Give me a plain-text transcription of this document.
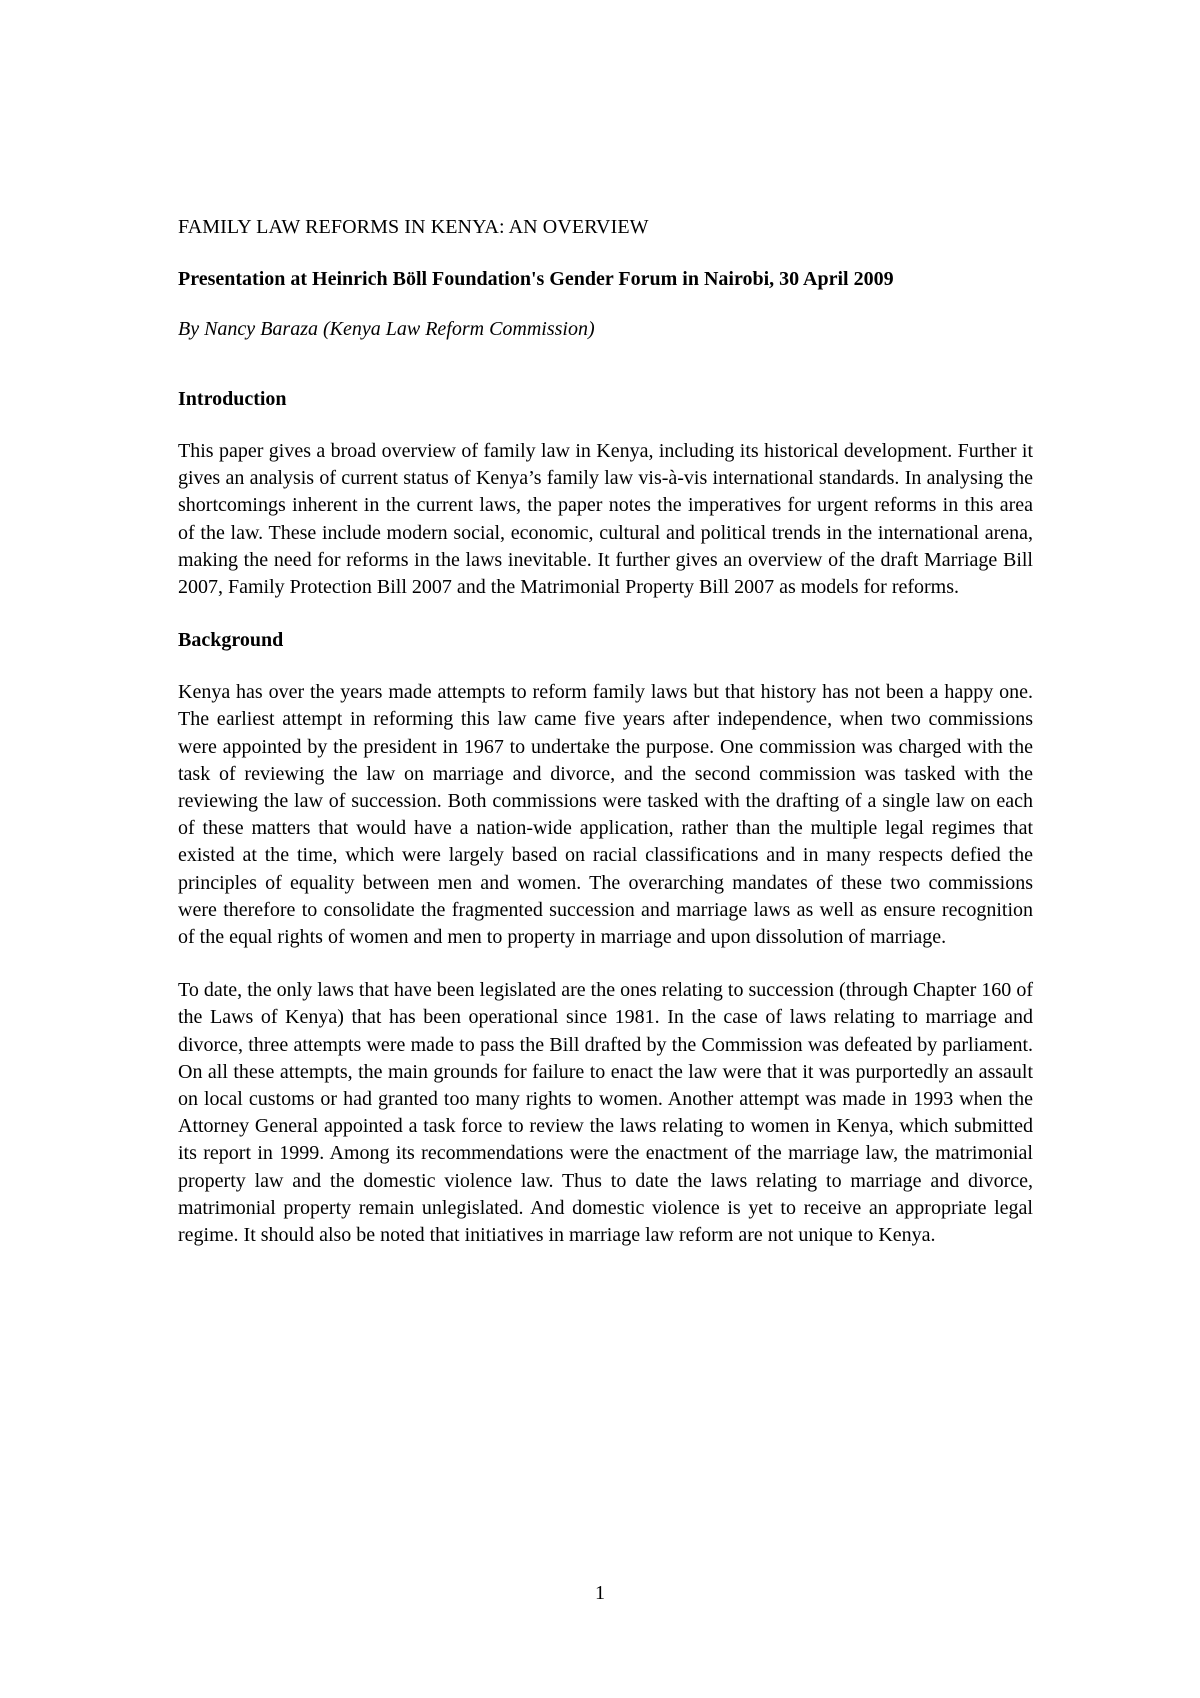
FAMILY LAW REFORMS IN KENYA: AN OVERVIEW
Presentation at Heinrich Böll Foundation's Gender Forum in Nairobi, 30 April 2009
By Nancy Baraza (Kenya Law Reform Commission)
Introduction

This paper gives a broad overview of family law in Kenya, including its historical development. Further it gives an analysis of current status of Kenya’s family law vis-à-vis international standards. In analysing the shortcomings inherent in the current laws, the paper notes the imperatives for urgent reforms in this area of the law. These include modern social, economic, cultural and political trends in the international arena, making the need for reforms in the laws inevitable. It further gives an overview of the draft Marriage Bill 2007, Family Protection Bill 2007 and the Matrimonial Property Bill 2007 as models for reforms.

Background

Kenya has over the years made attempts to reform family laws but that history has not been a happy one. The earliest attempt in reforming this law came five years after independence, when two commissions were appointed by the president in 1967 to undertake the purpose. One commission was charged with the task of reviewing the law on marriage and divorce, and the second commission was tasked with the reviewing the law of succession. Both commissions were tasked with the drafting of a single law on each of these matters that would have a nation-wide application, rather than the multiple legal regimes that existed at the time, which were largely based on racial classifications and in many respects defied the principles of equality between men and women. The overarching mandates of these two commissions were therefore to consolidate the fragmented succession and marriage laws as well as ensure recognition of the equal rights of women and men to property in marriage and upon dissolution of marriage.

To date, the only laws that have been legislated are the ones relating to succession (through Chapter 160 of the Laws of Kenya) that has been operational since 1981. In the case of laws relating to marriage and divorce, three attempts were made to pass the Bill drafted by the Commission was defeated by parliament. On all these attempts, the main grounds for failure to enact the law were that it was purportedly an assault on local customs or had granted too many rights to women. Another attempt was made in 1993 when the Attorney General appointed a task force to review the laws relating to women in Kenya, which submitted its report in 1999. Among its recommendations were the enactment of the marriage law, the matrimonial property law and the domestic violence law. Thus to date the laws relating to marriage and divorce, matrimonial property remain unlegislated. And domestic violence is yet to receive an appropriate legal regime. It should also be noted that initiatives in marriage law reform are not unique to Kenya.

1
